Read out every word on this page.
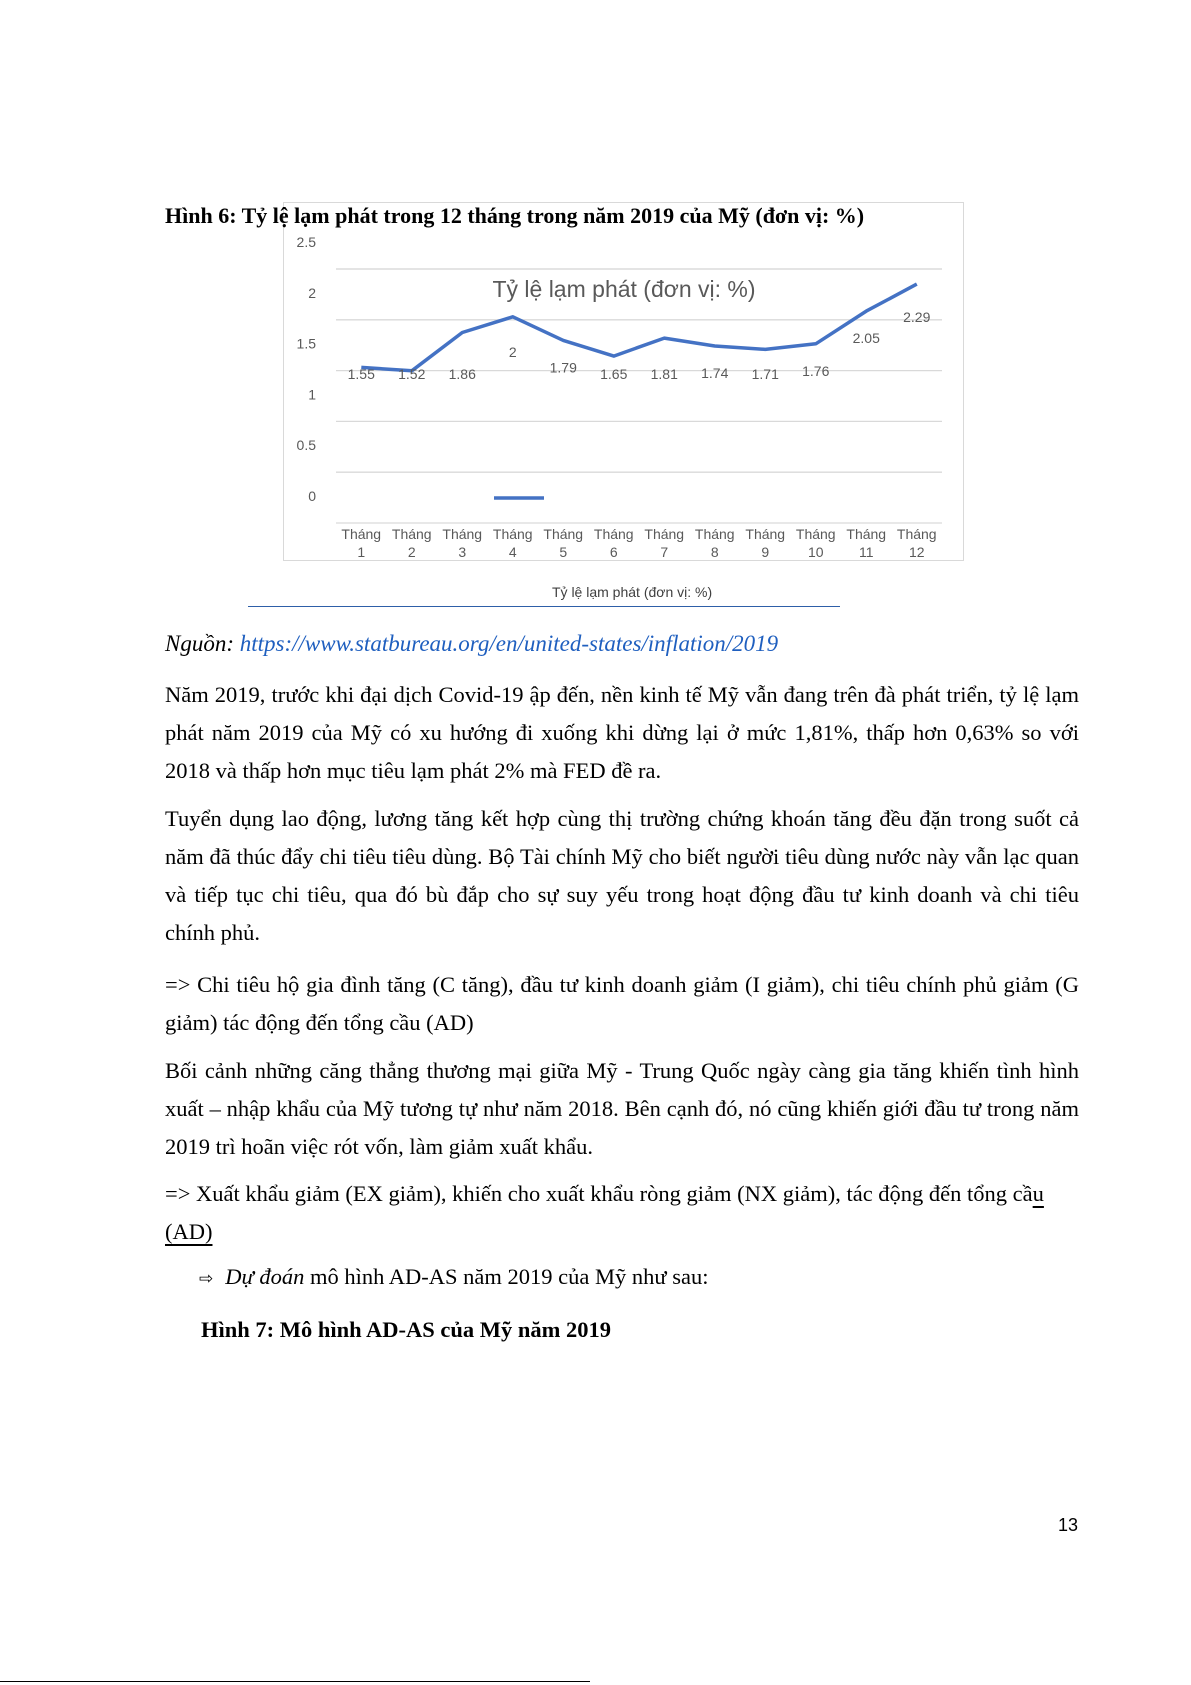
0
0.5
1
1.5
2
2.5
Tỷ lệ lạm phát (đơn vị: %)
Tháng
1
Tháng
2
Tháng
3
Tháng
4
Tháng
5
Tháng
6
Tháng
7
Tháng
8
Tháng
9
Tháng
10
Tháng
11
Tháng
12
1.55 1.52 1.86
2
1.79 1.65 1.81 1.74 1.71 1.76
2.05
2.29
Hình 6: Tỷ lệ lạm phát trong 12 tháng trong năm 2019 của Mỹ (đơn vị: %)
Tỷ lệ lạm phát (đơn vị: %)
Nguồn: https://www.statbureau.org/en/united-states/inflation/2019

Năm 2019, trước khi đại dịch Covid-19 ập đến, nền kinh tế Mỹ vẫn đang trên đà phát triển, tỷ lệ lạm phát năm 2019 của Mỹ có xu hướng đi xuống khi dừng lại ở mức 1,81%, thấp hơn 0,63% so với 2018 và thấp hơn mục tiêu lạm phát 2% mà FED đề ra.

Tuyển dụng lao động, lương tăng kết hợp cùng thị trường chứng khoán tăng đều đặn trong suốt cả năm đã thúc đẩy chi tiêu tiêu dùng. Bộ Tài chính Mỹ cho biết người tiêu dùng nước này vẫn lạc quan và tiếp tục chi tiêu, qua đó bù đắp cho sự suy yếu trong hoạt động đầu tư kinh doanh và chi tiêu chính phủ.

=> Chi tiêu hộ gia đình tăng (C tăng), đầu tư kinh doanh giảm (I giảm), chi tiêu chính phủ giảm (G giảm) tác động đến tổng cầu (AD)

Bối cảnh những căng thẳng thương mại giữa Mỹ - Trung Quốc ngày càng gia tăng khiến tình hình xuất – nhập khẩu của Mỹ tương tự như năm 2018. Bên cạnh đó, nó cũng khiến giới đầu tư trong năm 2019 trì hoãn việc rót vốn, làm giảm xuất khẩu.

=> Xuất khẩu giảm (EX giảm), khiến cho xuất khẩu ròng giảm (NX giảm), tác động đến tổng cầu (AD)

⇨ Dự đoán mô hình AD-AS năm 2019 của Mỹ như sau:
Hình 7: Mô hình AD-AS của Mỹ năm 2019
13
